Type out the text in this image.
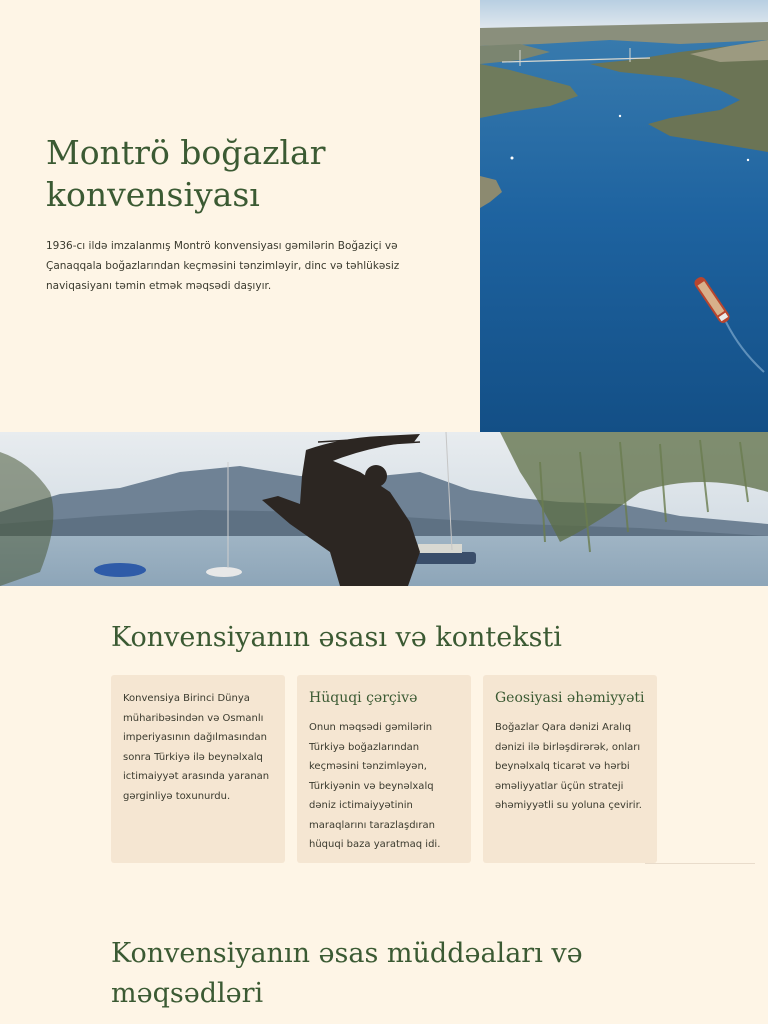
Montrö boğazlar konvensiyası

1936-cı ildə imzalanmış Montrö konvensiyası gəmilərin Boğaziçi və Çanaqqala boğazlarından keçməsini tənzimləyir, dinc və təhlükəsiz naviqasiyanı təmin etmək məqsədi daşıyır.

Konvensiyanın əsası və konteksti

Konvensiya Birinci Dünya müharibəsindən və Osmanlı imperiyasının dağılmasından sonra Türkiyə ilə beynəlxalq ictimaiyyət arasında yaranan gərginliyə toxunurdu.

Hüquqi çərçivə

Onun məqsədi gəmilərin Türkiyə boğazlarından keçməsini tənzimləyən, Türkiyənin və beynəlxalq dəniz ictimaiyyətinin maraqlarını tarazlaşdıran hüquqi baza yaratmaq idi.

Geosiyasi əhəmiyyəti

Boğazlar Qara dənizi Aralıq dənizi ilə birləşdirərək, onları beynəlxalq ticarət və hərbi əməliyyatlar üçün strateji əhəmiyyətli su yoluna çevirir.

Konvensiyanın əsas müddəaları və məqsədləri
